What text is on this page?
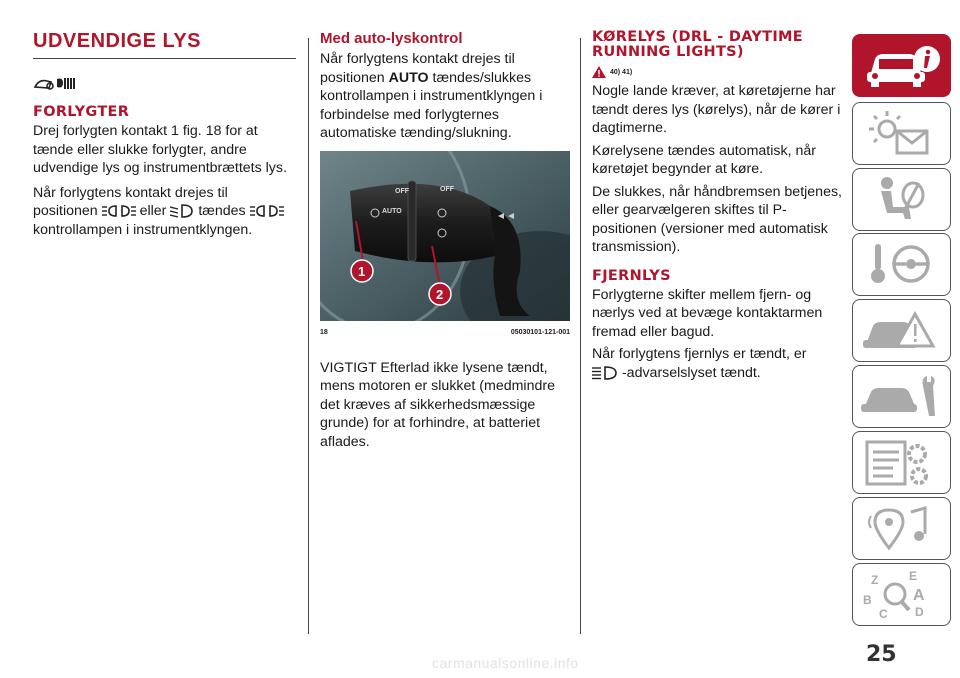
UDVENDIGE LYS
FORLYGTER

Drej forlygten kontakt 1 fig. 18 for at tænde eller slukke forlygter, andre udvendige lys og instrumentbrættets lys.

Når forlygtens kontakt drejes til positionen	eller tændes  kontrollampen i instrumentklyngen.

Med auto-lyskontrol

Når forlygtens kontakt drejes til positionen AUTO tændes/slukkes kontrollampen i instrumentklyngen i forbindelse med forlygternes automatiske tænding/slukning.

OFF	OFF
AUTO
1
2
18	05030101-121-001

VIGTIGT Efterlad ikke lysene tændt, mens motoren er slukket (medmindre det kræves af sikkerhedsmæssige grunde) for at forhindre, at batteriet aflades.

KØRELYS (DRL - DAYTIME RUNNING LIGHTS)
40) 41)

Nogle lande kræver, at køretøjerne har tændt deres lys (kørelys), når de kører i dagtimerne.

Kørelysene tændes automatisk, når køretøjet begynder at køre.

De slukkes, når håndbremsen betjenes, eller gearvælgeren skiftes til P-positionen (versioner med automatisk transmission).

FJERNLYS

Forlygterne skifter mellem fjern- og nærlys ved at bevæge kontaktarmen fremad eller bagud.

Når forlygtens fjernlys er tændt, er
-advarselslyset tændt.

Z	E
B	A
D
C
25
carmanualsonline.info
